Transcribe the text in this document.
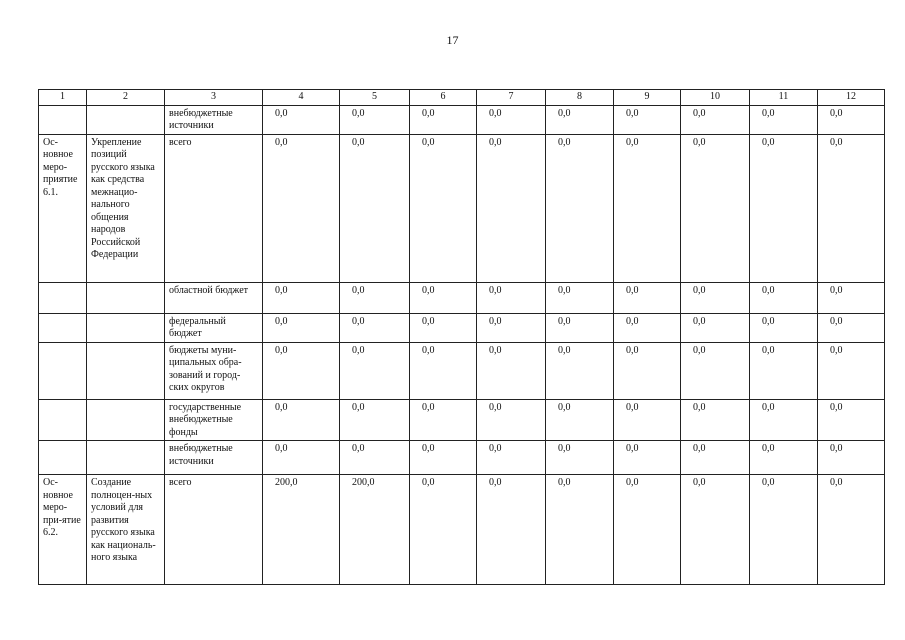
17
1	2	3	4	5	6	7	8	9	10	11	12
		внебюджетные источники	0,0	0,0	0,0	0,0	0,0	0,0	0,0	0,0	0,0
Ос-новное меро-приятие 6.1.	Укрепление позиций русского языка как средства межнацио-нального общения народов Российской Федерации	всего	0,0	0,0	0,0	0,0	0,0	0,0	0,0	0,0	0,0
		областной бюджет	0,0	0,0	0,0	0,0	0,0	0,0	0,0	0,0	0,0
		федеральный бюджет	0,0	0,0	0,0	0,0	0,0	0,0	0,0	0,0	0,0
		бюджеты муни-ципальных обра-зований и город-ских округов	0,0	0,0	0,0	0,0	0,0	0,0	0,0	0,0	0,0
		государственные внебюджетные фонды	0,0	0,0	0,0	0,0	0,0	0,0	0,0	0,0	0,0
		внебюджетные источники	0,0	0,0	0,0	0,0	0,0	0,0	0,0	0,0	0,0
Ос-новное меро-при-ятие 6.2.	Создание полноцен-ных условий для развития русского языка как националь-ного языка	всего	200,0	200,0	0,0	0,0	0,0	0,0	0,0	0,0	0,0
